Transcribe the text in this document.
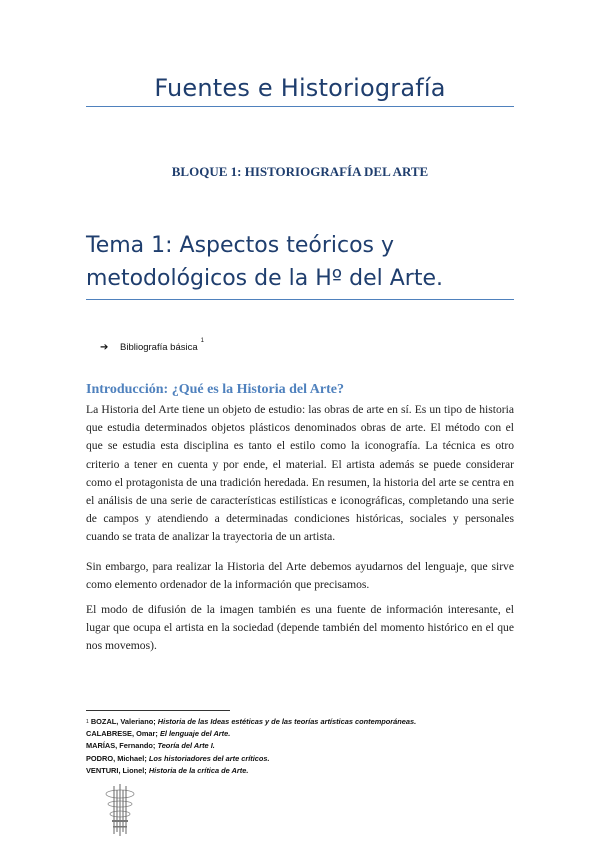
Fuentes e Historiografía
BLOQUE 1: HISTORIOGRAFÍA DEL ARTE
Tema 1: Aspectos teóricos y
metodológicos de la Hº del Arte.
➔ Bibliografía básica$^1$
Introducción: ¿Qué es la Historia del Arte?
La Historia del Arte tiene un objeto de estudio: las obras de arte en sí. Es un tipo de historia que estudia determinados objetos plásticos denominados obras de arte. El método con el que se estudia esta disciplina es tanto el estilo como la iconografía. La técnica es otro criterio a tener en cuenta y por ende, el material. El artista además se puede considerar como el protagonista de una tradición heredada. En resumen, la historia del arte se centra en el análisis de una serie de características estilísticas e iconográficas, completando una serie de campos y atendiendo a determinadas condiciones históricas, sociales y personales cuando se trata de analizar la trayectoria de un artista.
Sin embargo, para realizar la Historia del Arte debemos ayudarnos del lenguaje, que sirve como elemento ordenador de la información que precisamos.
El modo de difusión de la imagen también es una fuente de información interesante, el lugar que ocupa el artista en la sociedad (depende también del momento histórico en el que nos movemos).
$^1$ BOZAL, Valeriano; Historia de las Ideas estéticas y de las teorías artísticas contemporáneas.
CALABRESE, Omar; El lenguaje del Arte.
MARÍAS, Fernando; Teoría del Arte I.
PODRO, Michael; Los historiadores del arte críticos.
VENTURI, Lionel; Historia de la crítica de Arte.
